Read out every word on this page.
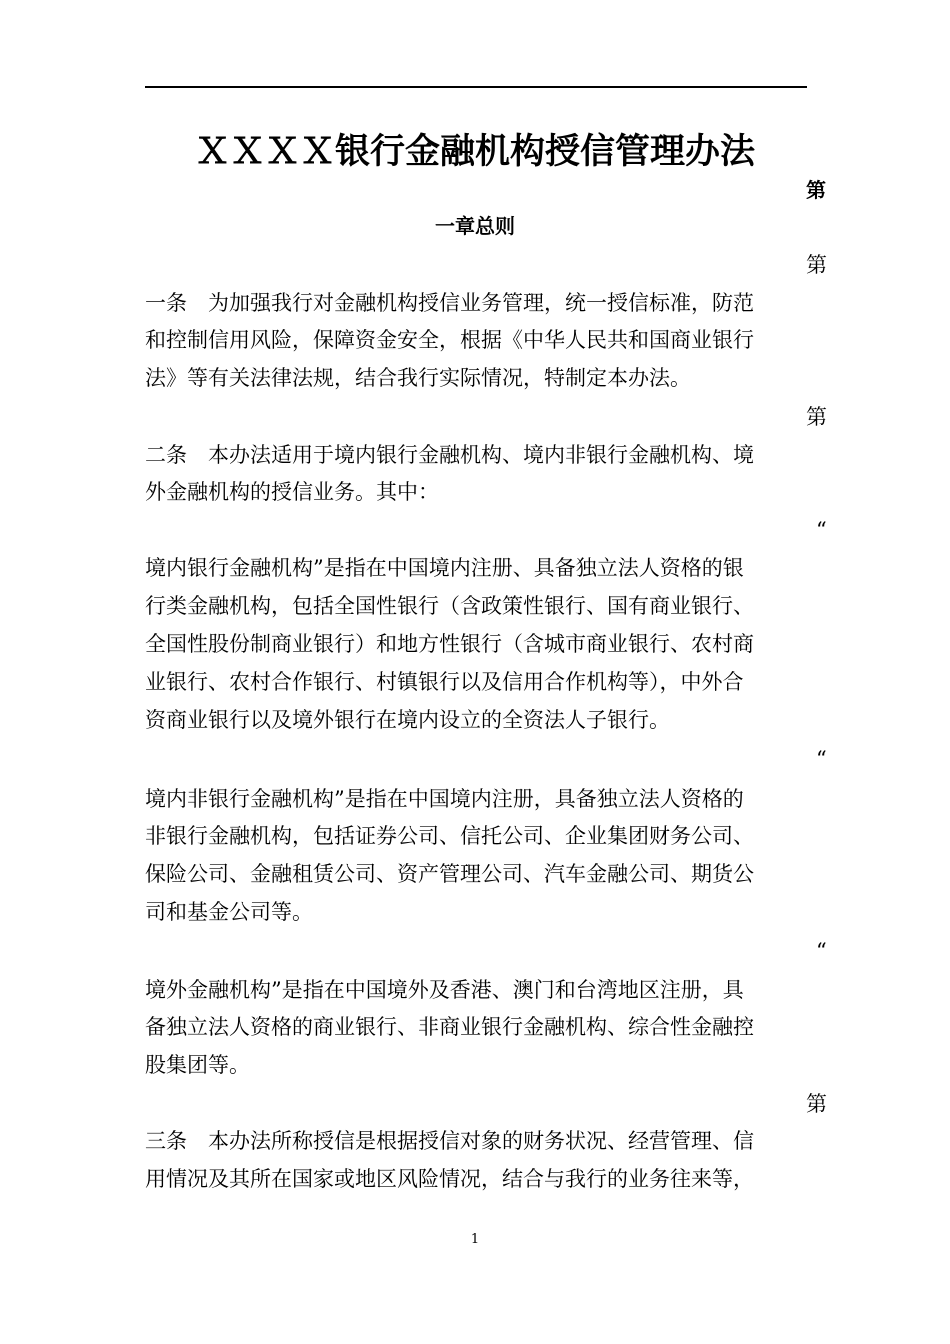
ＸＸＸＸ银行金融机构授信管理办法
第
一章总则
第
一条　为加强我行对金融机构授信业务管理，统一授信标准，防范
和控制信用风险，保障资金安全，根据《中华人民共和国商业银行
法》等有关法律法规，结合我行实际情况，特制定本办法。
第
二条　本办法适用于境内银行金融机构、境内非银行金融机构、境
外金融机构的授信业务。其中：
“
境内银行金融机构”是指在中国境内注册、具备独立法人资格的银
行类金融机构，包括全国性银行（含政策性银行、国有商业银行、
全国性股份制商业银行）和地方性银行（含城市商业银行、农村商
业银行、农村合作银行、村镇银行以及信用合作机构等），中外合
资商业银行以及境外银行在境内设立的全资法人子银行。
“
境内非银行金融机构”是指在中国境内注册，具备独立法人资格的
非银行金融机构，包括证券公司、信托公司、企业集团财务公司、
保险公司、金融租赁公司、资产管理公司、汽车金融公司、期货公
司和基金公司等。
“
境外金融机构”是指在中国境外及香港、澳门和台湾地区注册，具
备独立法人资格的商业银行、非商业银行金融机构、综合性金融控
股集团等。
第
三条　本办法所称授信是根据授信对象的财务状况、经营管理、信
用情况及其所在国家或地区风险情况，结合与我行的业务往来等，
1
